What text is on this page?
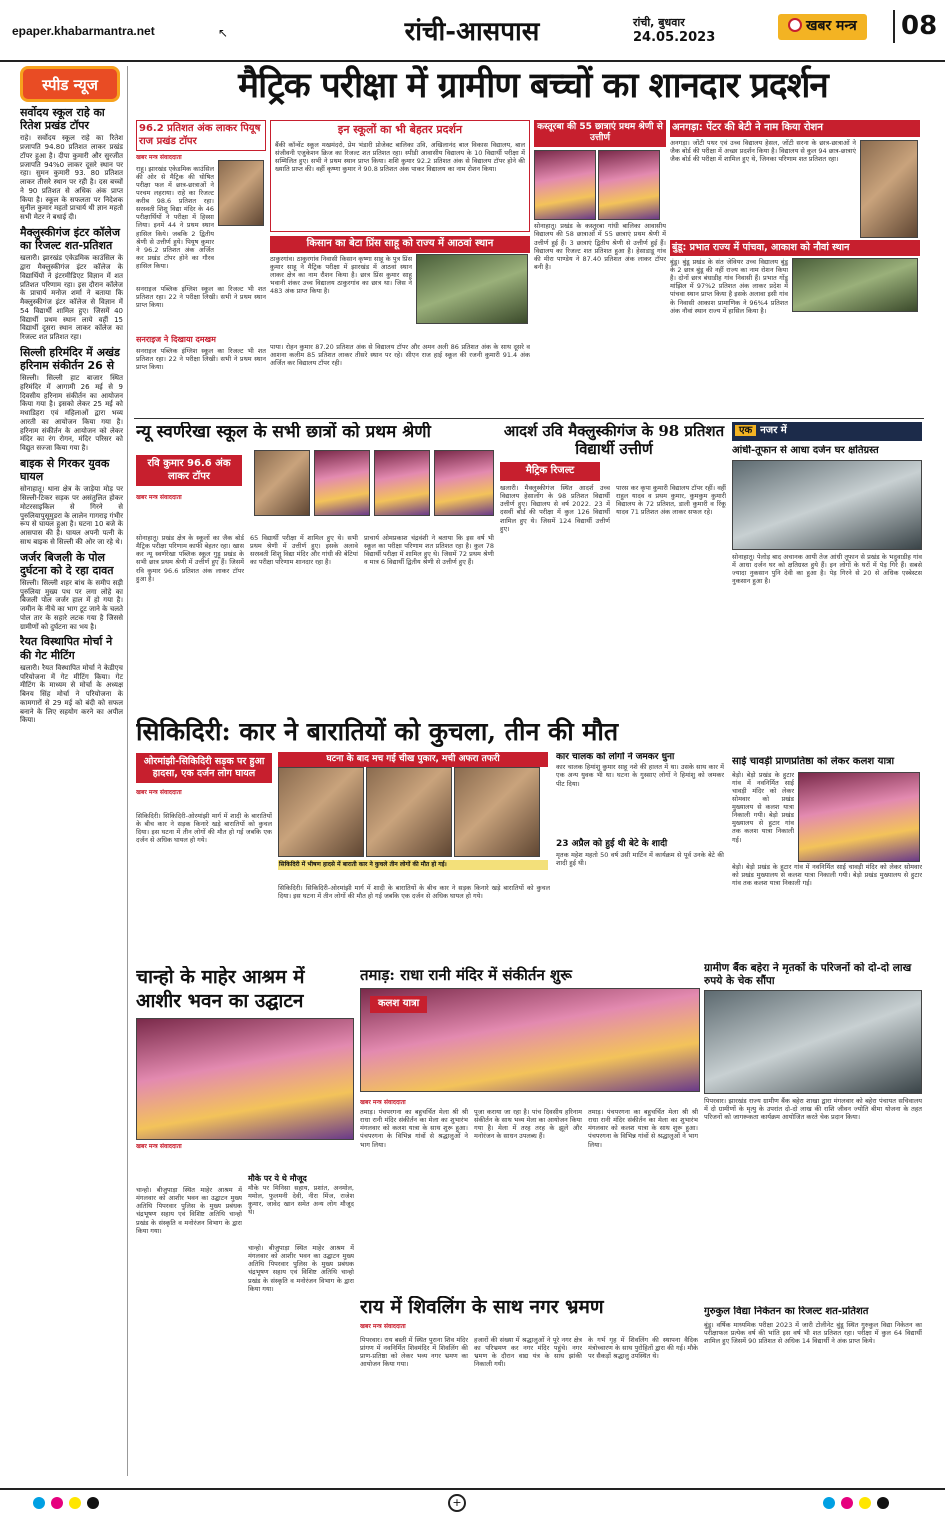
epaper.khabarmantra.net	↖	रांची-आसपास	रांची, बुधवार
24.05.2023
खबर मन्त्र	08
स्पीड न्यूज
सर्वोदय स्कूल राहे का रितेश प्रखंड टॉपर
राहे। सर्वोदय स्कूल राहे का रितेश प्रजापति 94.80 प्रतिशत लाकर प्रखंड टॉपर हुआ है। दीपा कुमारी और सुरजीत प्रजापति 94%0 लाकर दूसरे स्थान पर रहा। सुमन कुमारी 93. 80 प्रतिशत लाकर तीसरे स्थान पर रही है। दस बच्चों ने 90 प्रतिशत से अधिक अंक प्राप्त किया है। स्कूल के सफलता पर निदेशक सुनील कुमार महतो प्राचार्य थी ज्ञान महतो सभी मेटर ने बधाई दी।
मैक्लुस्कीगंज इंटर कॉलेज का रिजल्ट शत-प्रतिशत
खलारी। झारखंड एकेडमिक काउंसिल के द्वारा मैक्लुस्कीगंज इंटर कॉलेज के विद्यार्थियों ने इंटरमीडिएट विज्ञान में शत प्रतिशत परिणाम रहा। इस दौरान कॉलेज के प्राचार्य मनोज शर्मा ने बताया कि मैक्लुस्कीगंज इंटर कॉलेज से विज्ञान में 54 विद्यार्थी शामिल हुए। जिसमें 40 विद्यार्थी प्रथम स्थान लाये वहीं 15 विद्यार्थी दूसरा स्थान लाकर कॉलेज का रिजल्ट शत प्रतिशत रहा।
सिल्ली हरिमंदिर में अखंड हरिनाम संकीर्तन 26 से
सिल्ली। सिल्ली हाट बाजार स्थित हरिमंदिर में आगामी 26 मई से 9 दिवसीय हरिनाम संकीर्तन का आयोजन किया गया है। इसको लेकर 25 मई को मधाडिहरा एवं महिलाओं द्वारा भव्य आरती का आयोजन किया गया है। हरिनाम संकीर्तन के आयोजन को लेकर मंदिर का रंग रोगन, मंदिर परिसर को विद्युत सज्जा किया गया है।
बाइक से गिरकर युवक घायल
सोनाहातू। थाना क्षेत्र के जाड़ेया मोड़ पर सिल्ली-टिकर सड़क पर असंतुलित होकर मोटरसाइकिल से गिरने से पुरुलियापुसूमुडरा के लालेन गागराइ गंभीर रूप से घायल हुआ है। घटना 10 बजे के आसपास की है। घायल अपनी पत्नी के साथ बाइक से सिल्ली की ओर जा रहे थे।
जर्जर बिजली के पोल दुर्घटना को दे रहा दावत
सिल्ली। सिल्ली शहर बांध के समीप सड़ी पुरुलिया मुख्य पथ पर लगा लोहे का बिजली पोल जर्जर हाल में हो गया है। जमीन के नीचे का भाग टूट जाने के चलते पोल तार के सहारे लटक गया है जिससे ग्रामीणों को दुर्घटना का भय है।
रैयत विस्थापित मोर्चा ने की गेट मीटिंग
खलारी। रैयत विस्थापित मोर्चा ने केडीएच परियोजना में गेट मीटिंग किया। गेट मीटिंग के माध्यम से मोर्चा के अध्यक्ष बिनय सिंह मोर्चा ने परियोजना के कामगारों से 29 मई को बंदी को सफल बनाने के लिए सहयोग करने का अपील किया।
मैट्रिक परीक्षा में ग्रामीण बच्चों का शानदार प्रदर्शन
96.2 प्रतिशत अंक लाकर पियूष राज प्रखंड टॉपर
खबर मन्त्र संवाददाता
राहू। झारखंड एकेडमिक काउंसिल की ओर से मैट्रिक की घोषित परीक्षा फल में छात्र-छात्राओं ने परचम लहराया। राहे का रिजल्ट करीब 98.6 प्रतिशत रहा। सरस्वती शिशु विद्या मंदिर के 46 परीक्षार्थियों ने परीक्षा में हिस्सा लिया। इनमें 44 ने प्रथम स्थान हासिल किये। जबकि 2 द्वितीय श्रेणी से उत्तीर्ण हुये। पियूष कुमार ने 96.2 प्रतिशत अंक अर्जित कर प्रखंड टॉपर होने का गौरव हासिल किया।
सनराइज पब्लिक इंग्लिश स्कूल का रिजल्ट भी शत प्रतिशत रहा। 22 ने परीक्षा लिखी। सभी ने प्रथम स्थान प्राप्त किया।
सनराइज ने दिखाया दमखम
सनराइज पब्लिक इंग्लिश स्कूल का रिजल्ट भी शत प्रतिशत रहा। 22 ने परीक्षा लिखी। सभी ने प्रथम स्थान प्राप्त किया।
इन स्कूलों का भी बेहतर प्रदर्शन
बैंकी कॉन्वेंट स्कूल मखमंदरो, प्रेम भंडारी प्रोजेक्ट बालिका उवि, अखिलानंद बाल विकास विद्यालय, बाल संजीवनी एजुकेशन क्रिज का रिजल्ट शत प्रतिशत रहा। स्पीडी आवासीय विद्यालय के 10 विद्यार्थी परीक्षा में सम्मिलित हुए। सभी ने प्रथम स्थान प्राप्त किया। शशि कुमार 92.2 प्रतिशत अंक से विद्यालय टॉपर होने की ख्याति प्राप्त की। वहीं कृष्णा कुमार ने 90.8 प्रतिशत अंक पाकर विद्यालय का नाम रोशन किया।
कस्तूरबा की 55 छात्राएं प्रथम श्रेणी से उत्तीर्ण

सोनाहातू। प्रखंड के कस्तूरबा गांधी बालिका आवासीय विद्यालय की 58 छात्राओं में 55 छात्राएं प्रथम श्रेणी में उत्तीर्ण हुई हैं। 3 छात्राएं द्वितीय श्रेणी से उत्तीर्ण हुई हैं। विद्यालय का रिजल्ट शत प्रतिशत हुआ है। हेसाडाडू गांव की मीरा पाण्डेय ने 87.40 प्रतिशत अंक लाकर टॉपर बनी है।
अनगड़ा: पेंटर की बेटी ने नाम किया रोशन
अनगड़ा। जोंटी पथर एवं उच्च विद्यालय हेसल, जोंटी सरना के छात्र-छात्राओं ने जैक बोर्ड की परीक्षा में अच्छा प्रदर्शन किया है। विद्यालय से कुल 94 छात्र-छात्राएं जैक बोर्ड की परीक्षा में शामिल हुए थे, जिनका परिणाम शत प्रतिशत रहा।
किसान का बेटा प्रिंस साहू को राज्य में आठवां स्थान
ठाकुरगांव। ठाकुरगांव निवासी किसान कृष्णा साहू के पुत्र प्रिंस कुमार साहू ने मैट्रिक परीक्षा में झारखंड में आठवां स्थान लाकर क्षेत्र का नाम रौशन किया है। छात्र प्रिंस कुमार साहू भवानी शंकर उच्च विद्यालय ठाकुरगांव का छात्र था। जिस ने 483 अंक प्राप्त किया है।
पाया। रोहन कुमार 87.20 प्रतिशत अंक से विद्यालय टॉपर और अमन अली 86 प्रतिशत अंक के साथ दूसरे व आशना कलीम 85 प्रतिशत लाकर तीसरे स्थान पर रहे। सीएन राज हाई स्कूल की रजनी कुमारी 91.4 अंक अर्जित कर विद्यालय टॉपर रही।
बुंडू: प्रभात राज्य में पांचवा, आकाश को नौवां स्थान
बुंडू। बुंडू प्रखंड के संत जेवियर उच्च विद्यालय बुंडू के 2 छात्र बुंडू की नहीं राज्य का नाम रोशन किया है। दोनों छात्र बंधाडीह गांव निवासी हैं। प्रभात गोंडू मांझिल में 97%2 प्रतिशत अंक लाकर प्रदेश में पांचवा स्थान प्राप्त किया है इसके अलावा इसी गांव के निवासी आकाश प्रामाणिक ने 96%4 प्रतिशत अंक नौवां स्थान राज्य में हासिल किया है।
न्यू स्वर्णरेखा स्कूल के सभी छात्रों को प्रथम श्रेणी
रवि कुमार 96.6 अंक लाकर टॉपर
खबर मन्त्र संवाददाता
सोनाहातू। प्रखंड क्षेत्र के स्कूलों का जैक बोर्ड मैट्रिक परीक्षा परिणाम काफी बेहतर रहा। खास कर न्यू स्वर्णरेखा पब्लिक स्कूल गुड़ू प्रखंड के सभी छात्र प्रथम श्रेणी में उत्तीर्ण हुए हैं। जिसमें रवि कुमार 96.6 प्रतिशत अंक लाकर टॉपर हुआ है।
65 विद्यार्थी परीक्षा में शामिल हुए थे। सभी प्रथम श्रेणी में उत्तीर्ण हुए। इसके अलावे सरस्वती शिशु विद्या मंदिर और गांधी की बेटियां का परीक्षा परिणाम शानदार रहा है।
प्राचार्य ओमप्रकाश चंद्रवंशी ने बताया कि इस वर्ष भी स्कूल का परीक्षा परिणाम शत प्रतिशत रहा है। कुल 78 विद्यार्थी परीक्षा में शामिल हुए थे। जिसमें 72 प्रथम श्रेणी व मात्र 6 विद्यार्थी द्वितीय श्रेणी से उत्तीर्ण हुए हैं।
आदर्श उवि मैक्लुस्कीगंज के 98 प्रतिशत विद्यार्थी उत्तीर्ण
मैट्रिक रिजल्ट
खलारी। मैक्लुस्कीगंज स्थित आदर्श उच्च विद्यालय हेसालोंग के 98 प्रतिशत विद्यार्थी उत्तीर्ण हुए। विद्यालय से वर्ष 2022. 23 में दसवीं बोर्ड की परीक्षा में कुल 126 विद्यार्थी शामिल हुए थे। जिसमें 124 विद्यार्थी उत्तीर्ण हुए।
पारस कर कृपा कुमारी विद्यालय टॉपर रहीं। वहीं राहुल यादव व प्रथम कुमार, कुमकुम कुमारी विद्यालय के 72 प्रतिशत, डाली कुमारी व रिंकू यादव 71 प्रतिशत अंक लाकर सफल रहे।
एक नजर में
आंधी-तूफान से आधा दर्जन घर क्षतिग्रस्त
सोनाहातू। पेलोड़ बाद अचानक आयी तेज आंधी तूफान से प्रखंड के भदुवाडीह गांव में आधा दर्जन घर को क्षतिग्रस्त हुये हैं। इन लोगों के घरों में पेड़ गिरे हैं। सबसे ज्यादा नुकसान पुनि देवी का हुआ है। पेड़ गिरने से 20 से अधिक एस्बेस्टस नुकसान हुआ है।
साई चावड़ी प्राणप्रतिष्ठा को लेकर कलश यात्रा
बेड़ो। बेड़ो प्रखंड के हुटार गांव में नवनिर्मित साई चावड़ी मंदिर को लेकर सोमवार को प्रखंड मुख्यालय से कलश यात्रा निकाली गयी। बेड़ो प्रखंड मुख्यालय से हुटार गांव तक कलश यात्रा निकाली गई।
बेड़ो। बेड़ो प्रखंड के हुटार गांव में नवनिर्मित साई चावड़ी मंदिर को लेकर सोमवार को प्रखंड मुख्यालय से कलश यात्रा निकाली गयी। बेड़ो प्रखंड मुख्यालय से हुटार गांव तक कलश यात्रा निकाली गई।
ग्रामीण बैंक बहेरा ने मृतकों के परिजनों को दो-दो लाख रुपये के चेक सौंपा
पिपरवार। झारखंड राज्य ग्रामीण बैंक बहेरा शाखा द्वारा मंगलवार को बहेरा पंचायत सचिवालय में दो ग्रामीणों के मृत्यु के उपरांत दो-दो लाख की राशि जीवन ज्योति बीमा योजना के तहत परिजनों को जागरूकता कार्यक्रम आयोजित करते चेक प्रदान किया।
गुरुकुल विद्या निकेतन का रिजल्ट शत-प्रतिशत
बुंडू। वर्षिक माध्यमिक परीक्षा 2023 में जारी टोलीनेट बुंडू स्थित गुरुकुल विद्या निकेतन का परीक्षाफल प्रत्येक वर्ष की भांति इस वर्ष भी शत प्रतिशत रहा। परीक्षा में कुल 64 विद्यार्थी शामिल हुए जिसमें 90 प्रतिशत से अधिक 14 विद्यार्थी ने अंक प्राप्त किये।
सिकिदिरी: कार ने बारातियों को कुचला, तीन की मौत
ओरमांझी-सिकिदिरी सड़क पर हुआ हादसा, एक दर्जन लोग घायल
घटना के बाद मच गई चीख पुकार, मची अफरा तफरी

सिकिदिरी में भीषण हादसे में बाराती कार ने कुचले तीन लोगों की मौत हो गई।
खबर मन्त्र संवाददाता
सिकिदिरी। सिकिदिरी-ओरमांझी मार्ग में शादी के बारातियों के बीच कार ने सड़क किनारे खड़े बारातियों को कुचल दिया। इस घटना में तीन लोगों की मौत हो गई जबकि एक दर्जन से अधिक घायल हो गये।
कार चालक को लोगों ने जमकर धुना
कार चालक हिमांशु कुमार साहू नशे की हालत में था। उसके साथ कार में एक अन्य युवक भी था। घटना के गुस्साए लोगों ने हिमांशु को जमकर पीट दिया।
23 अप्रैल को हुई थी बेटे के शादी
मृतक महेश महतो 50 वर्ष उसी मार्टिन में कार्यक्रम से पूर्व उनके बेटे की शादी हुई थी।
सिकिदिरी। सिकिदिरी-ओरमांझी मार्ग में शादी के बारातियों के बीच कार ने सड़क किनारे खड़े बारातियों को कुचल दिया। इस घटना में तीन लोगों की मौत हो गई जबकि एक दर्जन से अधिक घायल हो गये।
चान्हो के माहेर आश्रम में आशीर भवन का उद्घाटन
खबर मन्त्र संवाददाता
चान्हो। बीजुपाड़ा स्थित माहेर आश्रम में मंगलवार को आशीर भवन का उद्घाटन मुख्य अतिथि पिपरवार पुलिस के मुख्य प्रबंधक चंद्रभूषण सहाय एवं विशिष्ट अतिथि चान्हो प्रखंड के संस्कृति व मनोरंजन विभाग के द्वारा किया गया।
मौके पर ये थे मौजूद
मौके पर मिनिसा सहाय, प्रशांत, अनमोल, ममोल, फुलमनी देवी, नीरा मिंज, राजेश कुमार, जावेद खान समेत अन्य लोग मौजूद थे।
चान्हो। बीजुपाड़ा स्थित माहेर आश्रम में मंगलवार को आशीर भवन का उद्घाटन मुख्य अतिथि पिपरवार पुलिस के मुख्य प्रबंधक चंद्रभूषण सहाय एवं विशिष्ट अतिथि चान्हो प्रखंड के संस्कृति व मनोरंजन विभाग के द्वारा किया गया।
तमाड़: राधा रानी मंदिर में संकीर्तन शुरू
कलश यात्रा
खबर मन्त्र संवाददाता
तमाड़। पंचपरगना का बहुचर्चित मेला श्री श्री राधा रानी मंदिर संकीर्तन का मेला का शुभारंभ मंगलवार को कलश यात्रा के साथ शुरू हुआ। पंचपरगना के विभिन्न गांवों से श्रद्धालुओं ने भाग लिया।
पूजा कराया जा रहा है। पांच दिवसीय हरिनाम संकीर्तन के साथ भव्य मेला का आयोजन किया गया है। मेला में तरह तरह के झूले और मनोरंजन के साधन उपलब्ध हैं।
तमाड़। पंचपरगना का बहुचर्चित मेला श्री श्री राधा रानी मंदिर संकीर्तन का मेला का शुभारंभ मंगलवार को कलश यात्रा के साथ शुरू हुआ। पंचपरगना के विभिन्न गांवों से श्रद्धालुओं ने भाग लिया।
राय में शिवलिंग के साथ नगर भ्रमण
खबर मन्त्र संवाददाता
पिपरवार। राय बस्ती में स्थित पुराना शिव मंदिर प्रांगण में नवनिर्मित शिवमंदिर में शिवलिंग की प्राण-प्रतिष्ठा को लेकर भव्य नगर भ्रमण का आयोजन किया गया।
हजारों की संख्या में श्रद्धालुओं ने पूरे नगर क्षेत्र का परिभ्रमण कर नगर मंदिर पहुंचे। नगर भ्रमण के दौरान वाद्य यंत्र के साथ झांकी निकाली गयी।
के गर्भ गृह में शिवलिंग की स्थापना वैदिक मंत्रोच्चारण के साथ पुरोहितों द्वारा की गई। मौके पर सैकड़ों श्रद्धालु उपस्थित थे।
+
